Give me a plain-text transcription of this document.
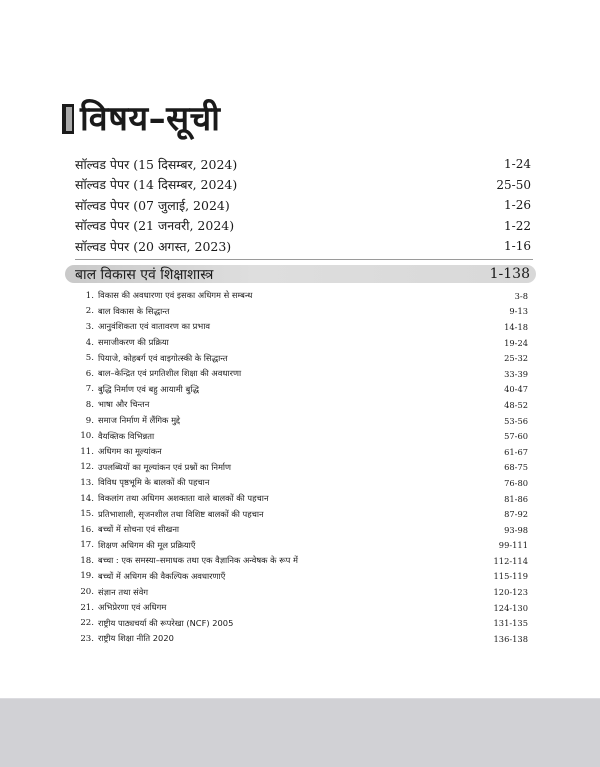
विषय–सूची
सॉल्वड पेपर (15 दिसम्बर, 2024)	1-24
सॉल्वड पेपर (14 दिसम्बर, 2024)	25-50
सॉल्वड पेपर (07 जुलाई, 2024)	1-26
सॉल्वड पेपर (21 जनवरी, 2024)	1-22
सॉल्वड पेपर (20 अगस्त, 2023)	1-16
बाल विकास एवं शिक्षाशास्त्र	1-138
1. विकास की अवधारणा एवं इसका अधिगम से सम्बन्ध	3-8
2. बाल विकास के सिद्धान्त	9-13
3. आनुवंशिकता एवं वातावरण का प्रभाव	14-18
4. समाजीकरण की प्रक्रिया	19-24
5. पियाजे, कोहबर्ग एवं वाइगोत्स्की के सिद्धान्त	25-32
6. बाल–केन्द्रित एवं प्रगतिशील शिक्षा की अवधारणा	33-39
7. बुद्धि निर्माण एवं बहु आयामी बुद्धि	40-47
8. भाषा और चिन्तन	48-52
9. समाज निर्माण में लैंगिक मुद्दे	53-56
10. वैयक्तिक विभिन्नता	57-60
11. अधिगम का मूल्यांकन	61-67
12. उपलब्धियों का मूल्यांकन एवं प्रश्नों का निर्माण	68-75
13. विविध पृष्ठभूमि के बालकों की पहचान	76-80
14. विकलांग तथा अधिगम अशक्तता वाले बालकों की पहचान	81-86
15. प्रतिभाशाली, सृजनशील तथा विशिष्ट बालकों की पहचान	87-92
16. बच्चों में सोचना एवं सीखना	93-98
17. शिक्षण अधिगम की मूल प्रक्रियाएँ	99-111
18. बच्चा : एक समस्या–समाधक तथा एक वैज्ञानिक अन्वेषक के रूप में	112-114
19. बच्चों में अधिगम की वैकल्पिक अवधारणाएँ	115-119
20. संज्ञान तथा संवेग	120-123
21. अभिप्रेरणा एवं अधिगम	124-130
22. राष्ट्रीय पाठ्यचर्या की रूपरेखा (NCF) 2005	131-135
23. राष्ट्रीय शिक्षा नीति 2020	136-138
